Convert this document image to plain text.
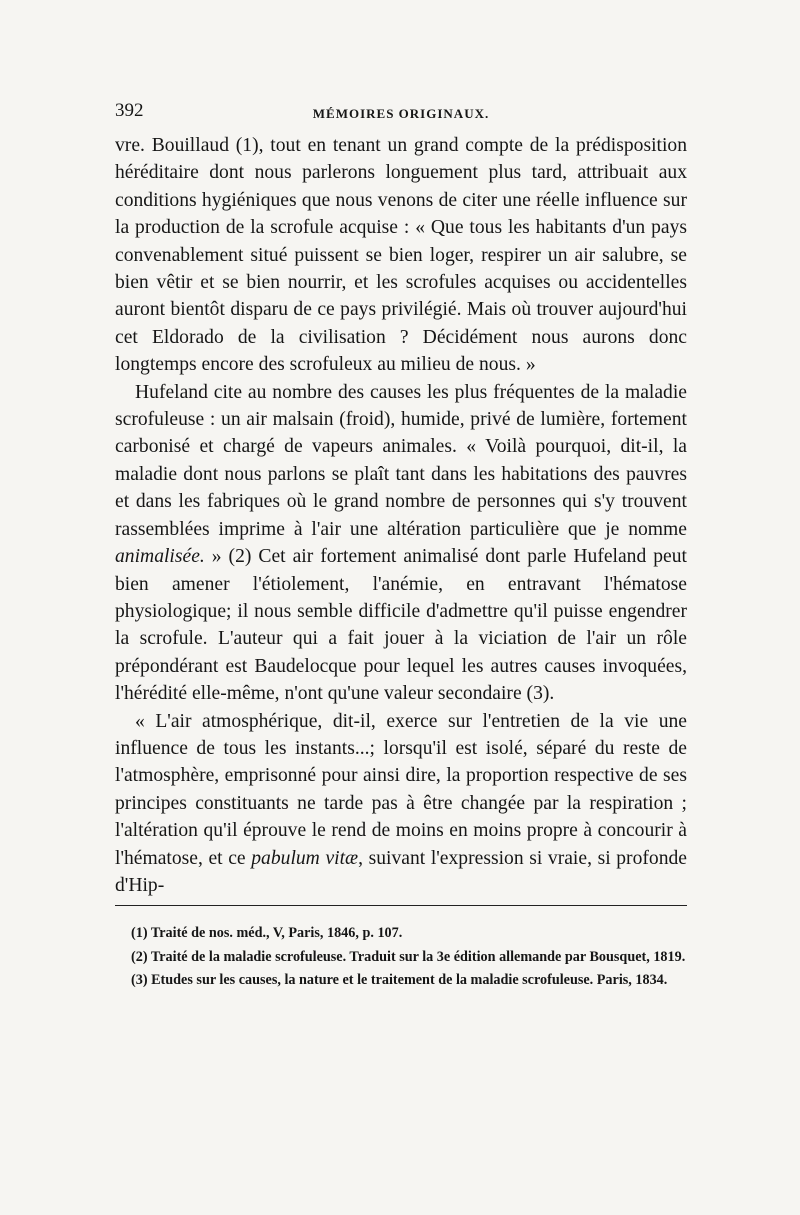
392	MÉMOIRES ORIGINAUX.

vre. Bouillaud (1), tout en tenant un grand compte de la prédisposition héréditaire dont nous parlerons longuement plus tard, attribuait aux conditions hygiéniques que nous venons de citer une réelle influence sur la production de la scrofule acquise : « Que tous les habitants d'un pays convenablement situé puissent se bien loger, respirer un air salubre, se bien vêtir et se bien nourrir, et les scrofules acquises ou accidentelles auront bientôt disparu de ce pays privilégié. Mais où trouver aujourd'hui cet Eldorado de la civilisation ? Décidément nous aurons donc longtemps encore des scrofuleux au milieu de nous. »

Hufeland cite au nombre des causes les plus fréquentes de la maladie scrofuleuse : un air malsain (froid), humide, privé de lumière, fortement carbonisé et chargé de vapeurs animales. « Voilà pourquoi, dit-il, la maladie dont nous parlons se plaît tant dans les habitations des pauvres et dans les fabriques où le grand nombre de personnes qui s'y trouvent rassemblées imprime à l'air une altération particulière que je nomme animalisée. » (2) Cet air fortement animalisé dont parle Hufeland peut bien amener l'étiolement, l'anémie, en entravant l'hématose physiologique; il nous semble difficile d'admettre qu'il puisse engendrer la scrofule. L'auteur qui a fait jouer à la viciation de l'air un rôle prépondérant est Baudelocque pour lequel les autres causes invoquées, l'hérédité elle-même, n'ont qu'une valeur secondaire (3).

« L'air atmosphérique, dit-il, exerce sur l'entretien de la vie une influence de tous les instants...; lorsqu'il est isolé, séparé du reste de l'atmosphère, emprisonné pour ainsi dire, la proportion respective de ses principes constituants ne tarde pas à être changée par la respiration ; l'altération qu'il éprouve le rend de moins en moins propre à concourir à l'hématose, et ce pabulum vitæ, suivant l'expression si vraie, si profonde d'Hip-

(1) Traité de nos. méd., V, Paris, 1846, p. 107.

(2) Traité de la maladie scrofuleuse. Traduit sur la 3e édition allemande par Bousquet, 1819.

(3) Etudes sur les causes, la nature et le traitement de la maladie scrofuleuse. Paris, 1834.
